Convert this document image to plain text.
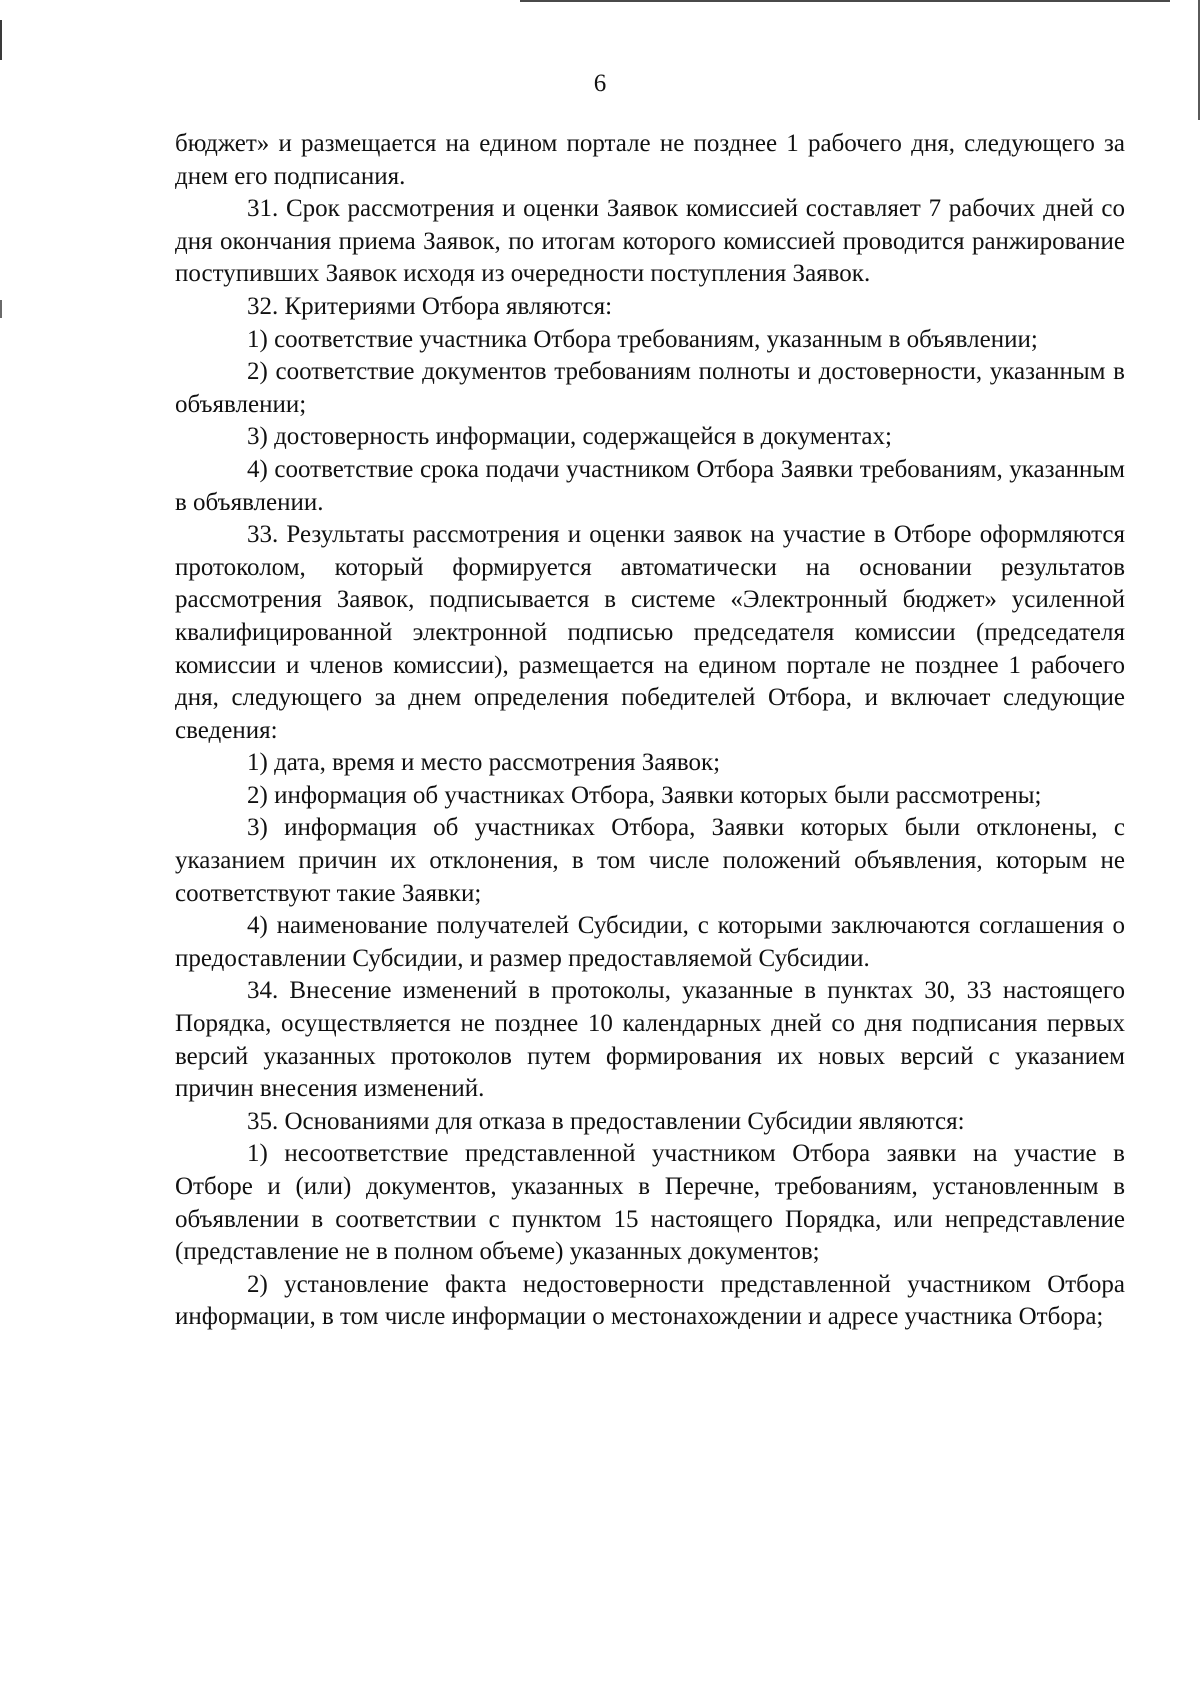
6

бюджет» и размещается на едином портале не позднее 1 рабочего дня, следующего за днем его подписания.

31. Срок рассмотрения и оценки Заявок комиссией составляет 7 рабочих дней со дня окончания приема Заявок, по итогам которого комиссией проводится ранжирование поступивших Заявок исходя из очередности поступления Заявок.

32. Критериями Отбора являются:

1) соответствие участника Отбора требованиям, указанным в объявлении;

2) соответствие документов требованиям полноты и достоверности, указанным в объявлении;

3) достоверность информации, содержащейся в документах;

4) соответствие срока подачи участником Отбора Заявки требованиям, указанным в объявлении.

33. Результаты рассмотрения и оценки заявок на участие в Отборе оформляются протоколом, который формируется автоматически на основании результатов рассмотрения Заявок, подписывается в системе «Электронный бюджет» усиленной квалифицированной электронной подписью председателя комиссии (председателя комиссии и членов комиссии), размещается на едином портале не позднее 1 рабочего дня, следующего за днем определения победителей Отбора, и включает следующие сведения:

1) дата, время и место рассмотрения Заявок;

2) информация об участниках Отбора, Заявки которых были рассмотрены;

3) информация об участниках Отбора, Заявки которых были отклонены, с указанием причин их отклонения, в том числе положений объявления, которым не соответствуют такие Заявки;

4) наименование получателей Субсидии, с которыми заключаются соглашения о предоставлении Субсидии, и размер предоставляемой Субсидии.

34. Внесение изменений в протоколы, указанные в пунктах 30, 33 настоящего Порядка, осуществляется не позднее 10 календарных дней со дня подписания первых версий указанных протоколов путем формирования их новых версий с указанием причин внесения изменений.

35. Основаниями для отказа в предоставлении Субсидии являются:

1) несоответствие представленной участником Отбора заявки на участие в Отборе и (или) документов, указанных в Перечне, требованиям, установленным в объявлении в соответствии с пунктом 15 настоящего Порядка, или непредставление (представление не в полном объеме) указанных документов;

2) установление факта недостоверности представленной участником Отбора информации, в том числе информации о местонахождении и адресе участника Отбора;
